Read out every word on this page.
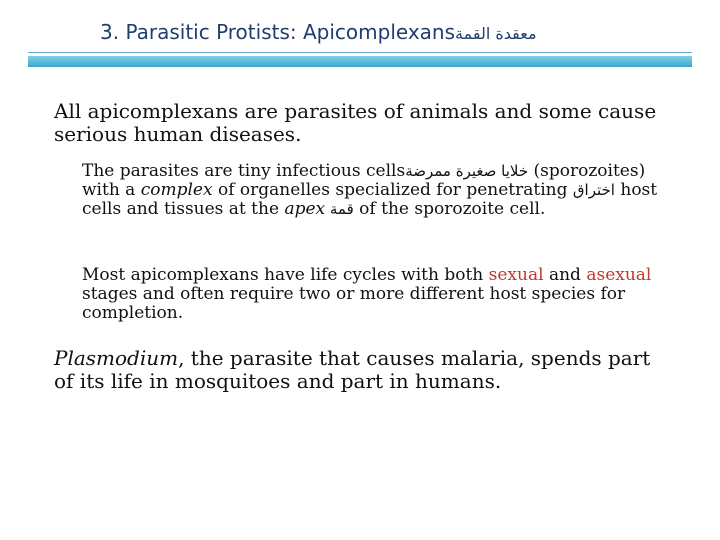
3. Parasitic Protists: Apicomplexansمعقدة القمة
All apicomplexans are parasites of animals and some cause serious human diseases.
The parasites are tiny infectious cellsخلايا صغيرة ممرضة (sporozoites) with a complex of organelles specialized for penetrating اختراق host cells and tissues at the apex قمة of the sporozoite cell.
Most apicomplexans have life cycles with both sexual and asexual stages and often require two or more different host species for completion.
Plasmodium, the parasite that causes malaria, spends part of its life in mosquitoes and part in humans.
